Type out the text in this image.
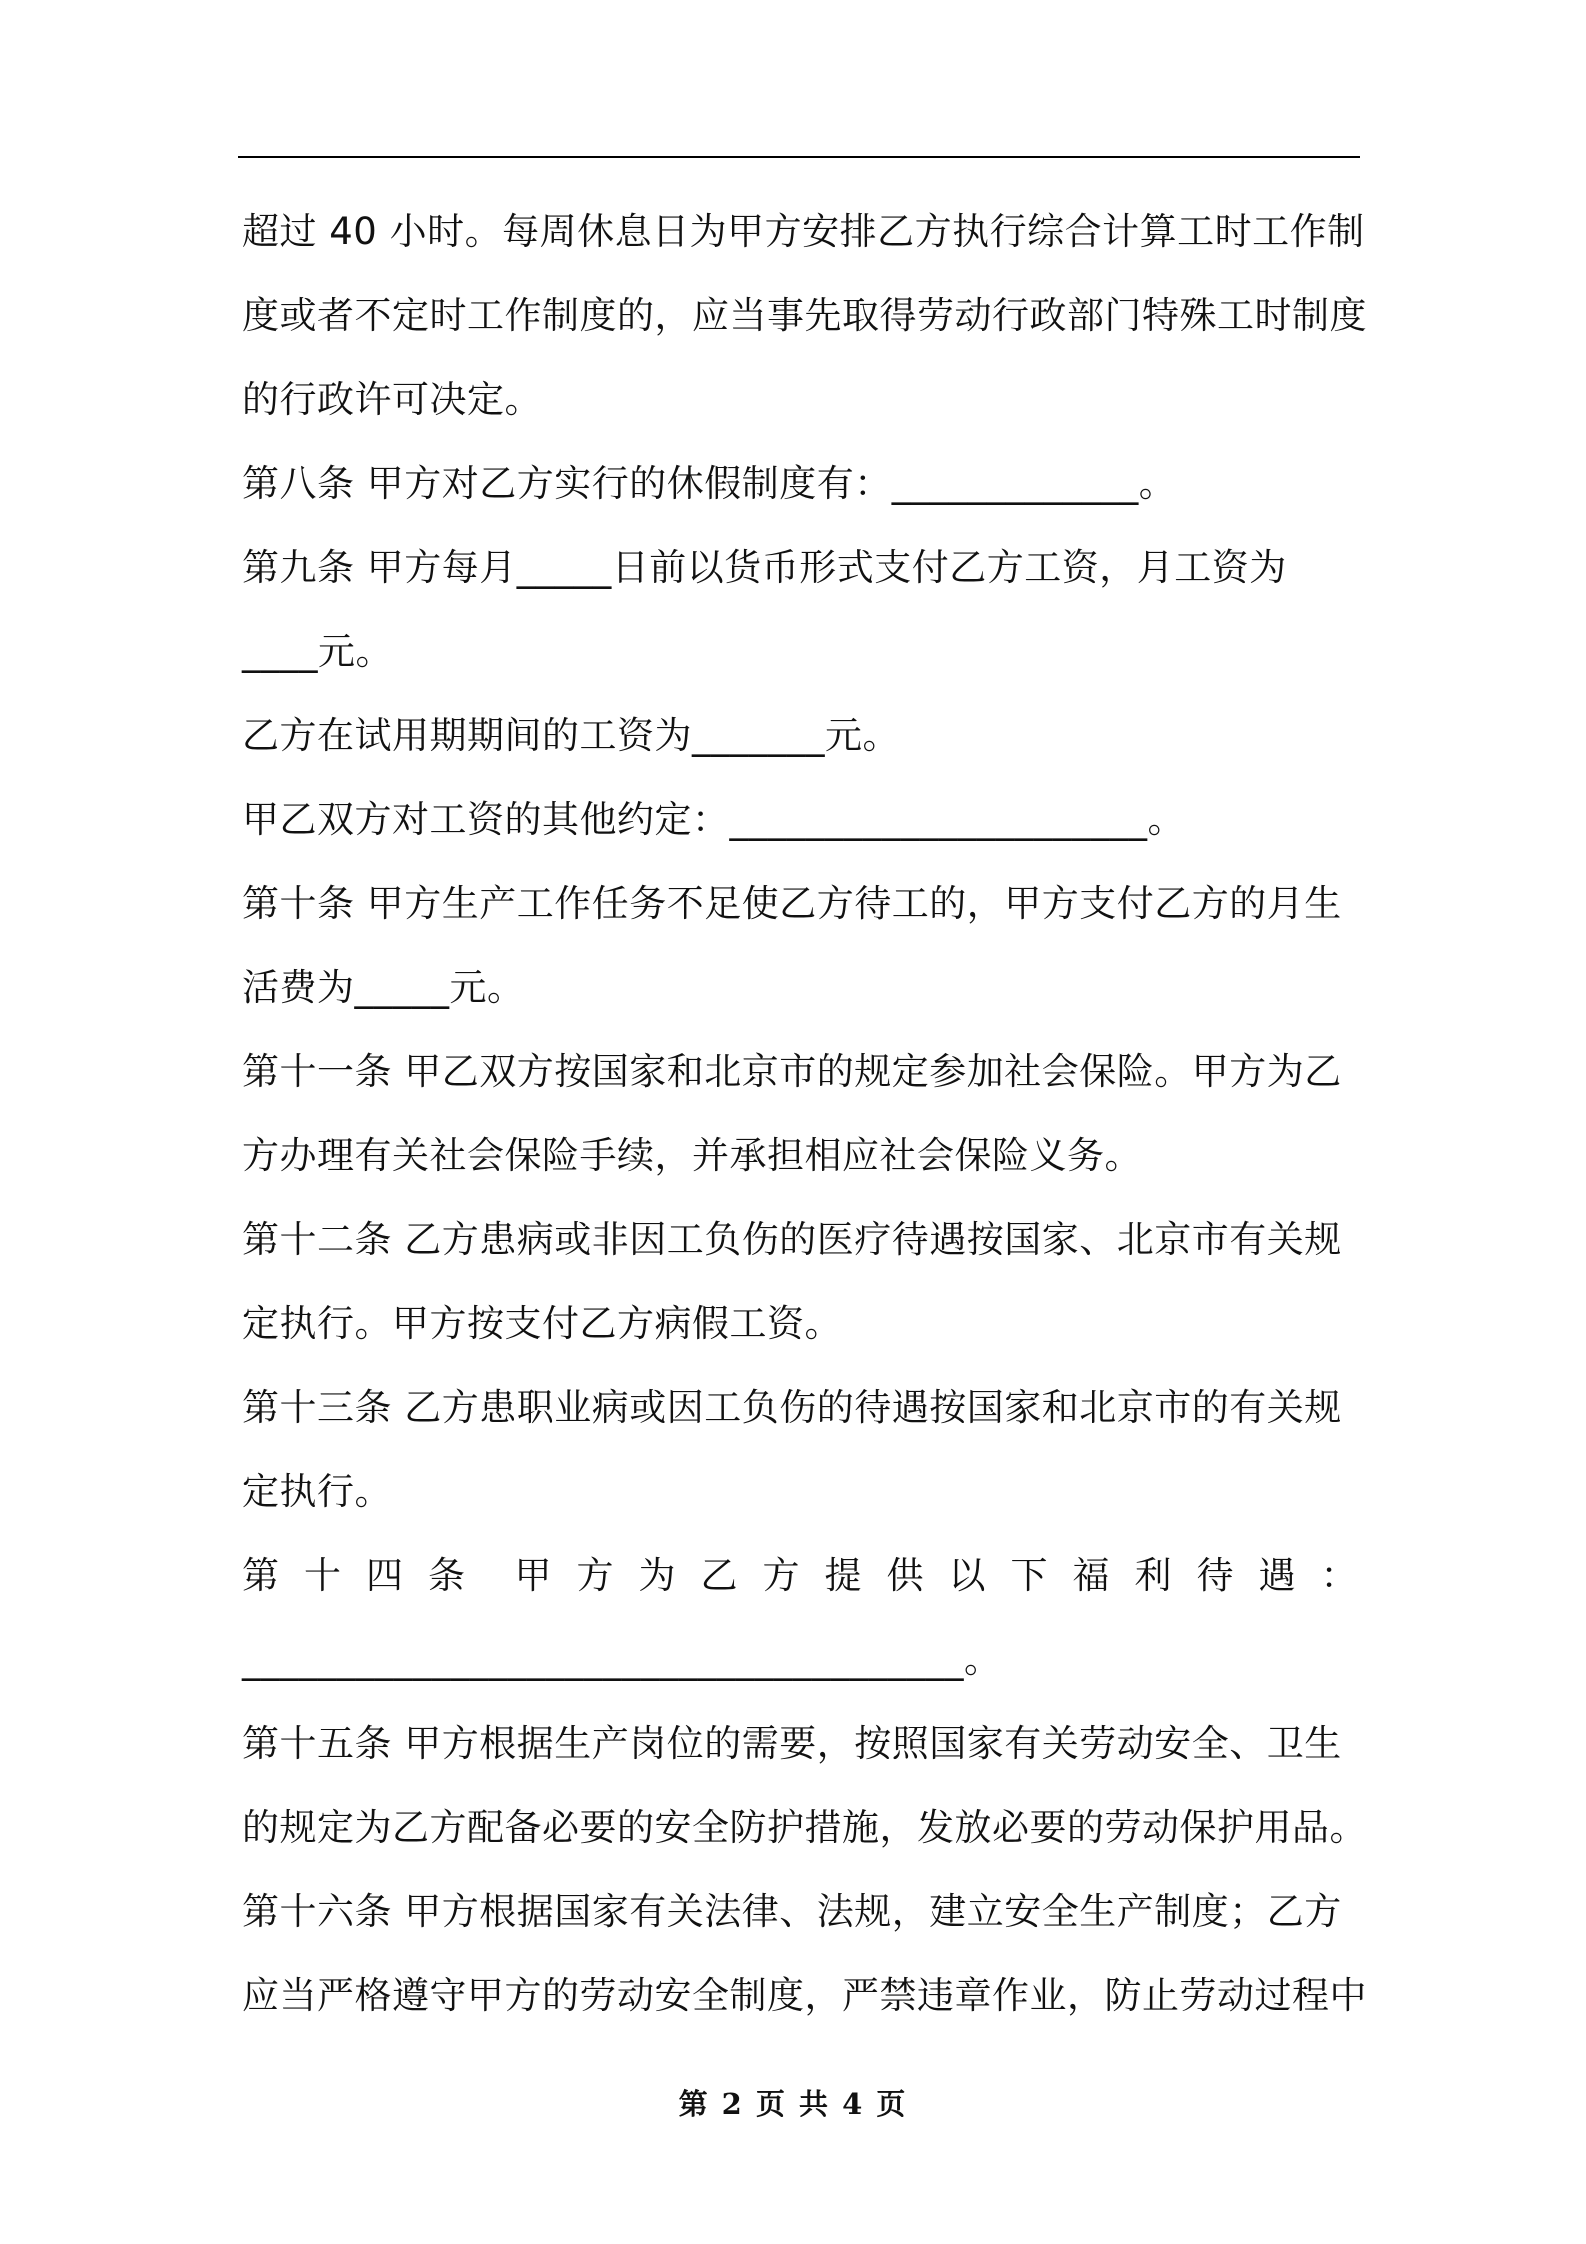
超过 40 小时。每周休息日为甲方安排乙方执行综合计算工时工作制
度或者不定时工作制度的，应当事先取得劳动行政部门特殊工时制度
的行政许可决定。
第八条 甲方对乙方实行的休假制度有：_____________。
第九条 甲方每月_____日前以货币形式支付乙方工资，月工资为
____元。
乙方在试用期期间的工资为_______元。
甲乙双方对工资的其他约定：______________________。
第十条 甲方生产工作任务不足使乙方待工的，甲方支付乙方的月生
活费为_____元。
第十一条 甲乙双方按国家和北京市的规定参加社会保险。甲方为乙
方办理有关社会保险手续，并承担相应社会保险义务。
第十二条 乙方患病或非因工负伤的医疗待遇按国家、北京市有关规
定执行。甲方按支付乙方病假工资。
第十三条 乙方患职业病或因工负伤的待遇按国家和北京市的有关规
定执行。
第 十 四 条 甲 方 为 乙 方 提 供 以 下 福 利 待 遇 ：
______________________________________。
第十五条 甲方根据生产岗位的需要，按照国家有关劳动安全、卫生
的规定为乙方配备必要的安全防护措施，发放必要的劳动保护用品。
第十六条 甲方根据国家有关法律、法规，建立安全生产制度；乙方
应当严格遵守甲方的劳动安全制度，严禁违章作业，防止劳动过程中
第 2 页 共 4 页
